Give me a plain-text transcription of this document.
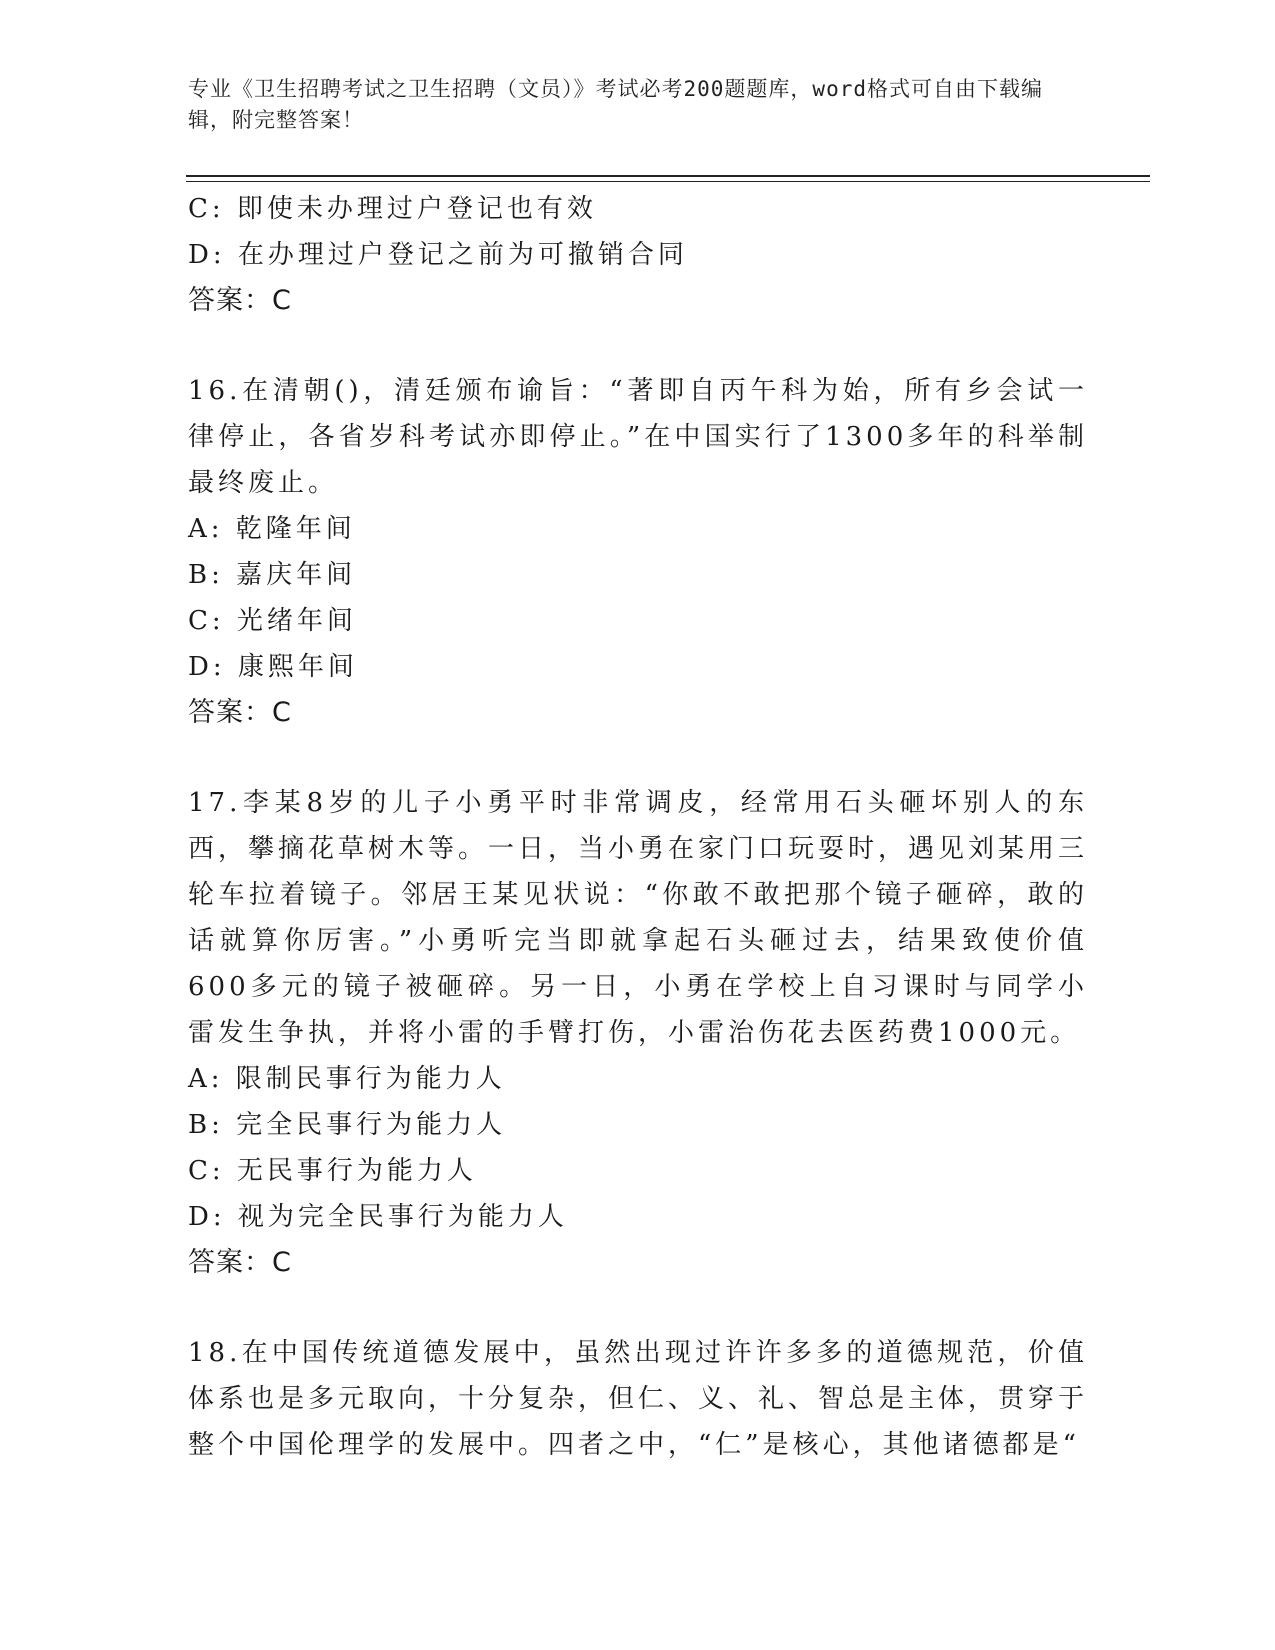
专业《卫生招聘考试之卫生招聘（文员）》考试必考200题题库，word格式可自由下载编辑，附完整答案！
C: 即使未办理过户登记也有效
D: 在办理过户登记之前为可撤销合同
答案：C
16.在清朝()，清廷颁布谕旨：“著即自丙午科为始，所有乡会试一律停止，各省岁科考试亦即停止。”在中国实行了1300多年的科举制最终废止。
A: 乾隆年间
B: 嘉庆年间
C: 光绪年间
D: 康熙年间
答案：C
17.李某8岁的儿子小勇平时非常调皮，经常用石头砸坏别人的东西，攀摘花草树木等。一日，当小勇在家门口玩耍时，遇见刘某用三轮车拉着镜子。邻居王某见状说：“你敢不敢把那个镜子砸碎，敢的话就算你厉害。”小勇听完当即就拿起石头砸过去，结果致使价值600多元的镜子被砸碎。另一日，小勇在学校上自习课时与同学小雷发生争执，并将小雷的手臂打伤，小雷治伤花去医药费1000元。
A: 限制民事行为能力人
B: 完全民事行为能力人
C: 无民事行为能力人
D: 视为完全民事行为能力人
答案：C
18.在中国传统道德发展中，虽然出现过许许多多的道德规范，价值体系也是多元取向，十分复杂，但仁、义、礼、智总是主体，贯穿于整个中国伦理学的发展中。四者之中，“仁”是核心，其他诸德都是“
